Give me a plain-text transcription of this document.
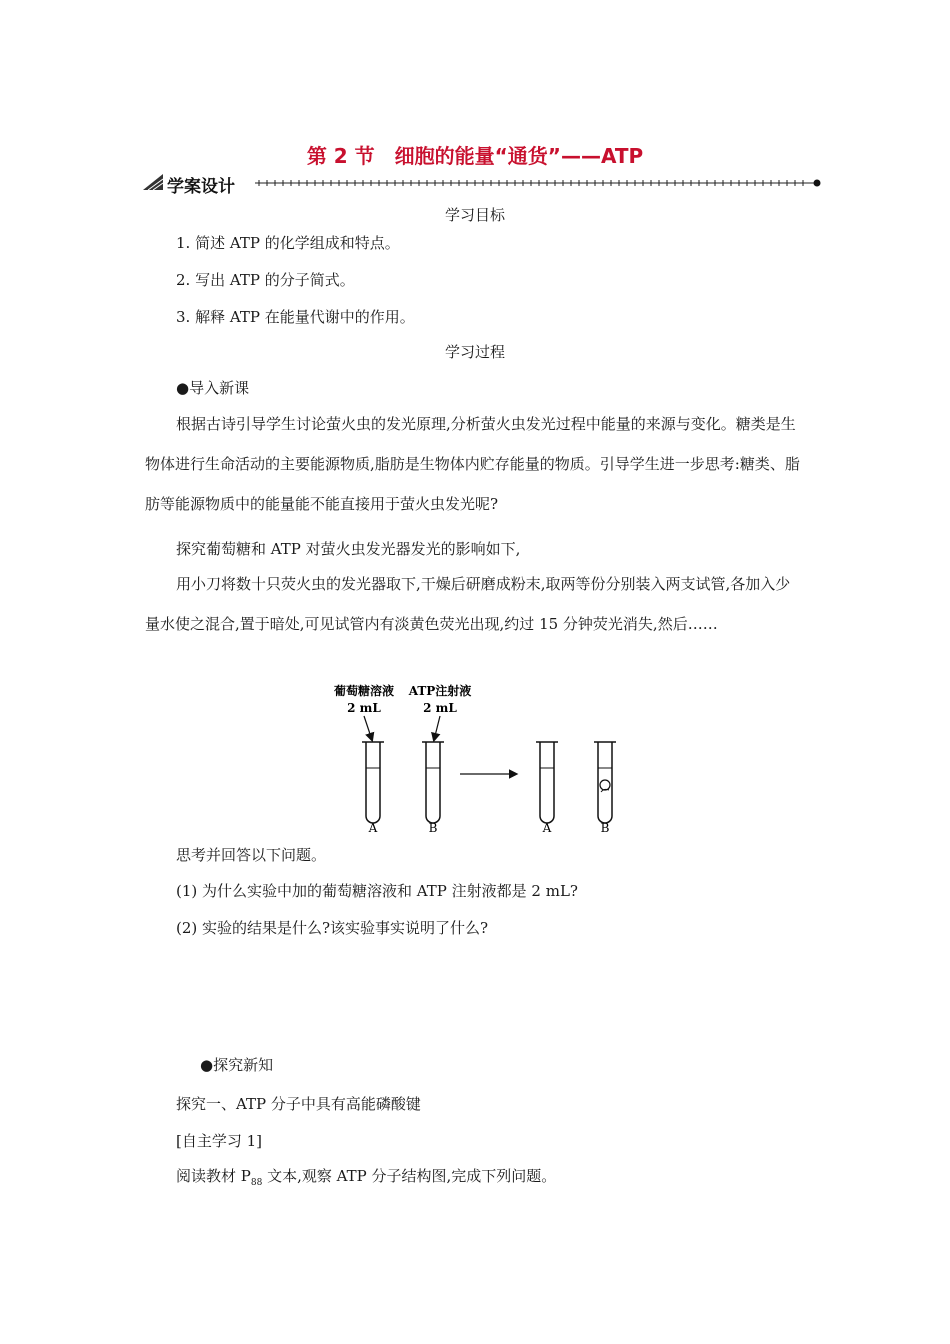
第 2 节　细胞的能量“通货”——ATP
学案设计
学习目标
1. 简述 ATP 的化学组成和特点。
2. 写出 ATP 的分子简式。
3. 解释 ATP 在能量代谢中的作用。
学习过程
●导入新课
根据古诗引导学生讨论萤火虫的发光原理,分析萤火虫发光过程中能量的来源与变化。糖类是生物体进行生命活动的主要能源物质,脂肪是生物体内贮存能量的物质。引导学生进一步思考:糖类、脂肪等能源物质中的能量能不能直接用于萤火虫发光呢?
探究葡萄糖和 ATP 对萤火虫发光器发光的影响如下,
用小刀将数十只荧火虫的发光器取下,干燥后研磨成粉末,取两等份分别装入两支试管,各加入少量水使之混合,置于暗处,可见试管内有淡黄色荧光出现,约过 15 分钟荧光消失,然后……
葡萄糖溶液
2 mL
ATP注射液
2 mL
A	B	A	B
思考并回答以下问题。
(1) 为什么实验中加的葡萄糖溶液和 ATP 注射液都是 2 mL?
(2) 实验的结果是什么?该实验事实说明了什么?
●探究新知
探究一、ATP 分子中具有高能磷酸键
[自主学习 1]
阅读教材 $P_{88}$ 文本,观察 ATP 分子结构图,完成下列问题。
